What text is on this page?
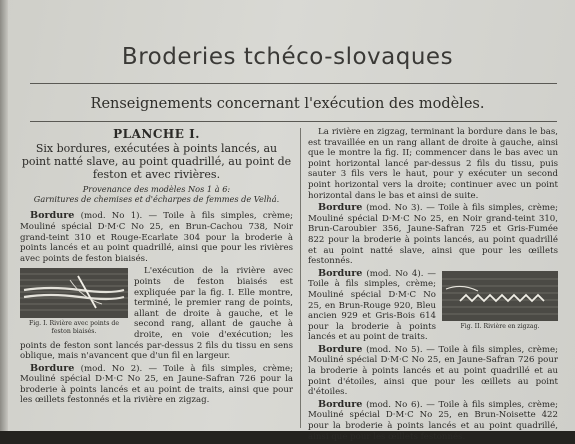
Broderies tchéco-slovaques
Renseignements concernant l'exécution des modèles.

PLANCHE I.

Six bordures, exécutées à points lancés, au point natté slave, au point quadrillé, au point de feston et avec rivières.

Provenance des modèles Nos 1 à 6:
Garnitures de chemises et d'écharpes de femmes de Velhá.

Bordure (mod. No 1). — Toile à fils simples, crème; Mouliné spécial D·M·C No 25, en Brun-Cachou 738, Noir grand-teint 310 et Rouge-Ecarlate 304 pour la broderie à points lancés et au point quadrillé, ainsi que pour les rivières avec points de feston biaisés.

Fig. I. Rivière avec points de feston biaisés.

L'exécution de la rivière avec points de feston biaisés est expliquée par la fig. I. Elle montre, terminé, le premier rang de points, allant de droite à gauche, et le second rang, allant de gauche à droite, en voie d'exécution; les points de feston sont lancés par-dessus 2 fils du tissu en sens oblique, mais n'avancent que d'un fil en largeur.

Bordure (mod. No 2). — Toile à fils simples, crème; Mouliné spécial D·M·C No 25, en Jaune-Safran 726 pour la broderie à points lancés et au point de traits, ainsi que pour les œillets festonnés et la rivière en zigzag.

La rivière en zigzag, terminant la bordure dans le bas, est travaillée en un rang allant de droite à gauche, ainsi que le montre la fig. II; commencer dans le bas avec un point horizontal lancé par-dessus 2 fils du tissu, puis sauter 3 fils vers le haut, pour y exécuter un second point horizontal vers la droite; continuer avec un point horizontal dans le bas et ainsi de suite.

Bordure (mod. No 3). — Toile à fils simples, crème; Mouliné spécial D·M·C No 25, en Noir grand-teint 310, Brun-Caroubier 356, Jaune-Safran 725 et Gris-Fumée 822 pour la broderie à points lancés, au point quadrillé et au point natté slave, ainsi que pour les œillets festonnés.

Fig. II. Rivière en zigzag.

Bordure (mod. No 4). — Toile à fils simples, crème; Mouliné spécial D·M·C No 25, en Brun-Rouge 920, Bleu ancien 929 et Gris-Bois 614 pour la broderie à points lancés et au point de traits.

Bordure (mod. No 5). — Toile à fils simples, crème; Mouliné spécial D·M·C No 25, en Jaune-Safran 726 pour la broderie à points lancés et au point quadrillé et au point d'étoiles, ainsi que pour les œillets au point d'étoiles.

Bordure (mod. No 6). — Toile à fils simples, crème; Mouliné spécial D·M·C No 25, en Brun-Noisette 422 pour la broderie à points lancés et au point quadrillé, ainsi que pour les œillets festonnés.
